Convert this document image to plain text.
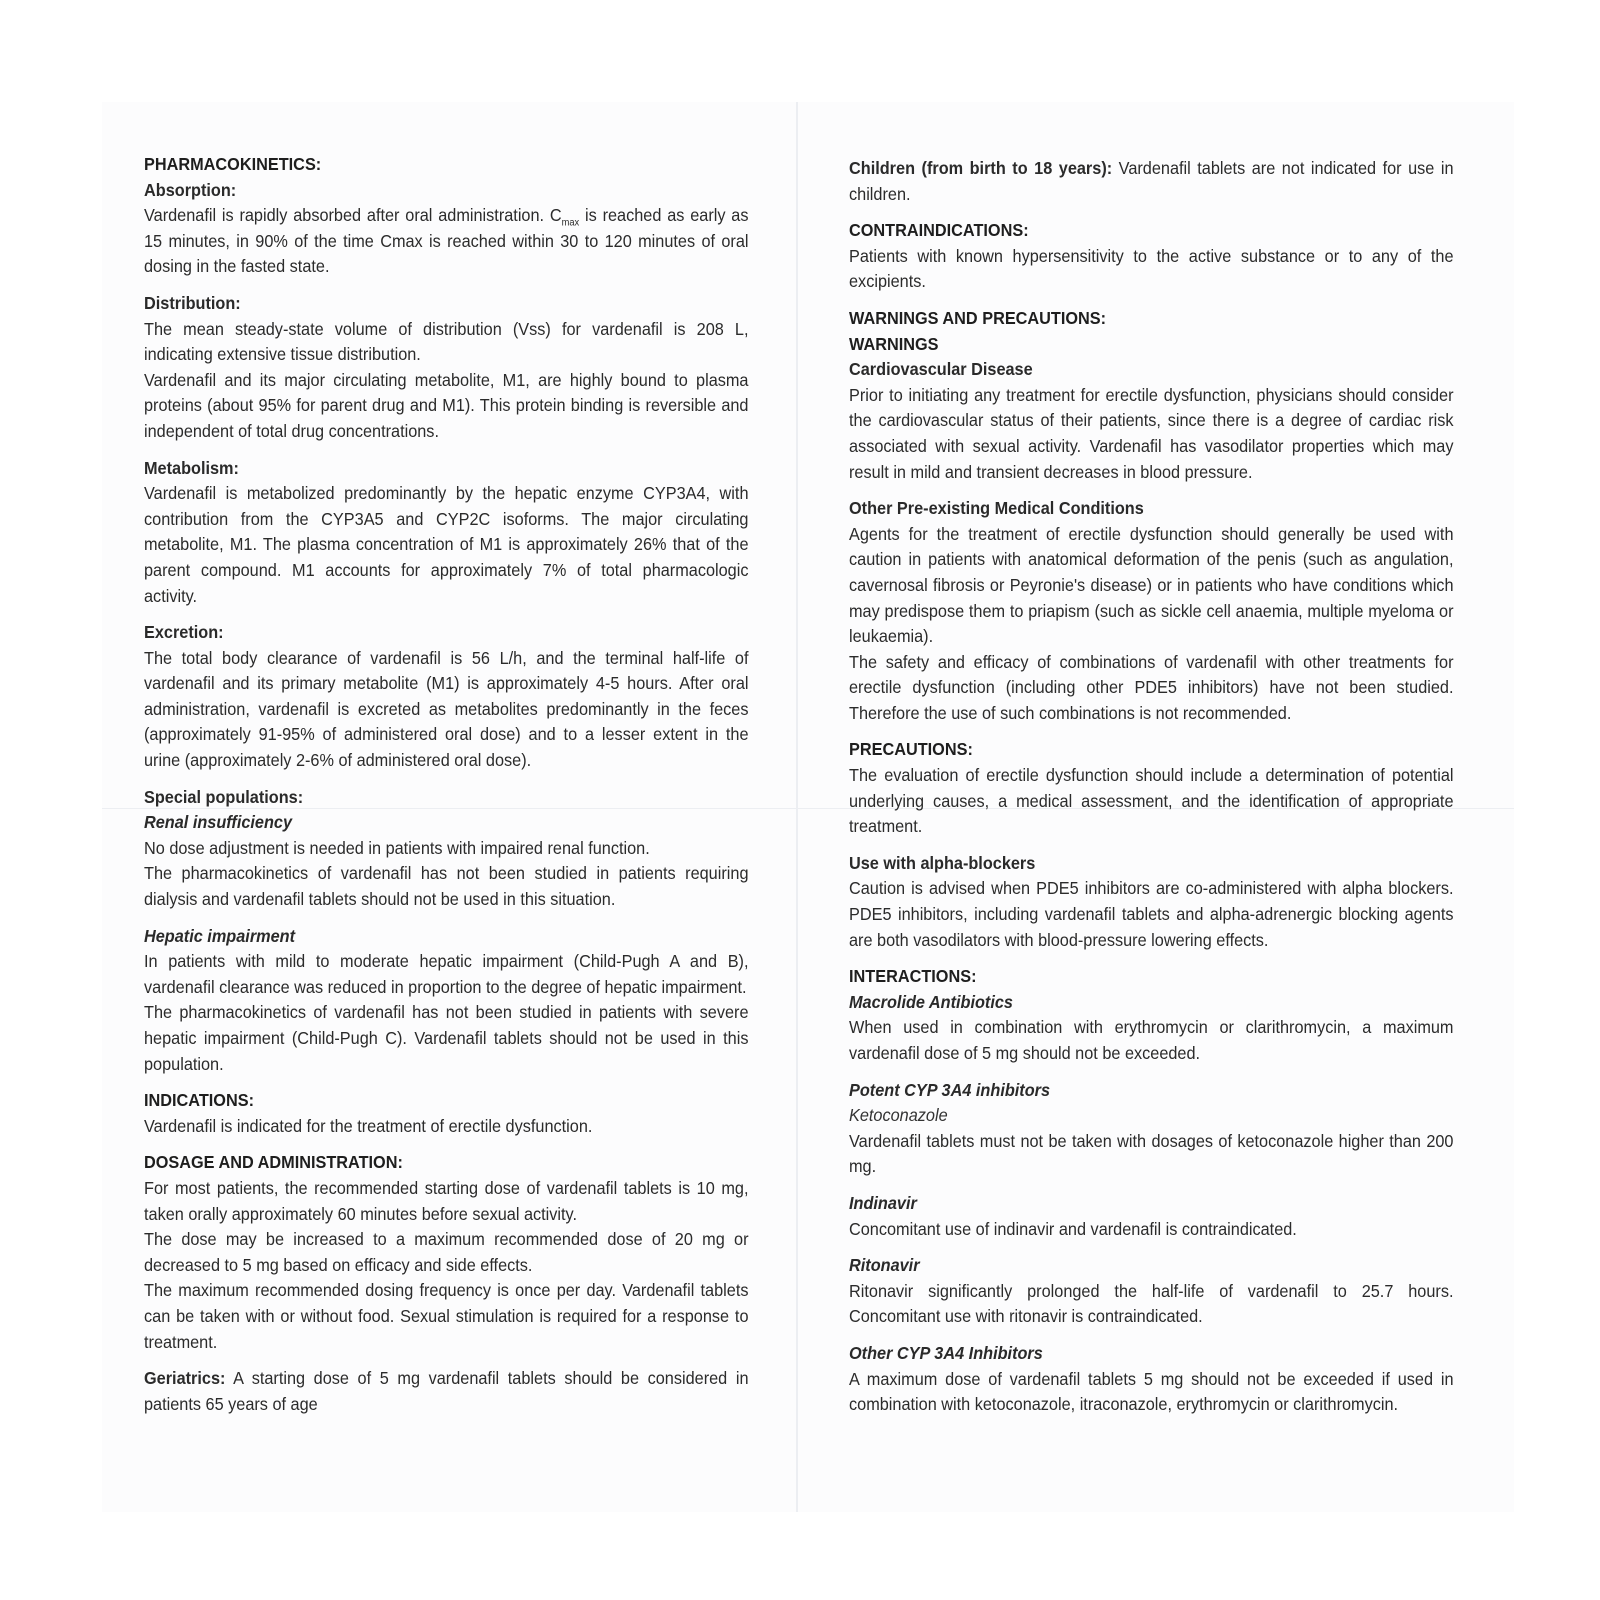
PHARMACOKINETICS:

Absorption:

Vardenafil is rapidly absorbed after oral administration. $C_{max}$ is reached as early as 15 minutes, in 90% of the time Cmax is reached within 30 to 120 minutes of oral dosing in the fasted state.

Distribution:

The mean steady-state volume of distribution (Vss) for vardenafil is 208 L, indicating extensive tissue distribution.

Vardenafil and its major circulating metabolite, M1, are highly bound to plasma proteins (about 95% for parent drug and M1). This protein binding is reversible and independent of total drug concentrations.

Metabolism:

Vardenafil is metabolized predominantly by the hepatic enzyme CYP3A4, with contribution from the CYP3A5 and CYP2C isoforms. The major circulating metabolite, M1. The plasma concentration of M1 is approximately 26% that of the parent compound. M1 accounts for approximately 7% of total pharmacologic activity.

Excretion:

The total body clearance of vardenafil is 56 L/h, and the terminal half-life of vardenafil and its primary metabolite (M1) is approximately 4-5 hours. After oral administration, vardenafil is excreted as metabolites predominantly in the feces (approximately 91-95% of administered oral dose) and to a lesser extent in the urine (approximately 2-6% of administered oral dose).

Special populations:

Renal insufficiency

No dose adjustment is needed in patients with impaired renal function.

The pharmacokinetics of vardenafil has not been studied in patients requiring dialysis and vardenafil tablets should not be used in this situation.

Hepatic impairment

In patients with mild to moderate hepatic impairment (Child-Pugh A and B), vardenafil clearance was reduced in proportion to the degree of hepatic impairment.

The pharmacokinetics of vardenafil has not been studied in patients with severe hepatic impairment (Child-Pugh C). Vardenafil tablets should not be used in this population.

INDICATIONS:

Vardenafil is indicated for the treatment of erectile dysfunction.

DOSAGE AND ADMINISTRATION:

For most patients, the recommended starting dose of vardenafil tablets is 10 mg, taken orally approximately 60 minutes before sexual activity.

The dose may be increased to a maximum recommended dose of 20 mg or decreased to 5 mg based on efficacy and side effects.

The maximum recommended dosing frequency is once per day. Vardenafil tablets can be taken with or without food. Sexual stimulation is required for a response to treatment.

Geriatrics: A starting dose of 5 mg vardenafil tablets should be considered in patients 65 years of age

Children (from birth to 18 years): Vardenafil tablets are not indicated for use in children.

CONTRAINDICATIONS:

Patients with known hypersensitivity to the active substance or to any of the excipients.

WARNINGS AND PRECAUTIONS:

WARNINGS

Cardiovascular Disease

Prior to initiating any treatment for erectile dysfunction, physicians should consider the cardiovascular status of their patients, since there is a degree of cardiac risk associated with sexual activity. Vardenafil has vasodilator properties which may result in mild and transient decreases in blood pressure.

Other Pre-existing Medical Conditions

Agents for the treatment of erectile dysfunction should generally be used with caution in patients with anatomical deformation of the penis (such as angulation, cavernosal fibrosis or Peyronie's disease) or in patients who have conditions which may predispose them to priapism (such as sickle cell anaemia, multiple myeloma or leukaemia).

The safety and efficacy of combinations of vardenafil with other treatments for erectile dysfunction (including other PDE5 inhibitors) have not been studied. Therefore the use of such combinations is not recommended.

PRECAUTIONS:

The evaluation of erectile dysfunction should include a determination of potential underlying causes, a medical assessment, and the identification of appropriate treatment.

Use with alpha-blockers

Caution is advised when PDE5 inhibitors are co-administered with alpha blockers. PDE5 inhibitors, including vardenafil tablets and alpha-adrenergic blocking agents are both vasodilators with blood-pressure lowering effects.

INTERACTIONS:

Macrolide Antibiotics

When used in combination with erythromycin or clarithromycin, a maximum vardenafil dose of 5 mg should not be exceeded.

Potent CYP 3A4 inhibitors

Ketoconazole

Vardenafil tablets must not be taken with dosages of ketoconazole higher than 200 mg.

Indinavir

Concomitant use of indinavir and vardenafil is contraindicated.

Ritonavir

Ritonavir significantly prolonged the half-life of vardenafil to 25.7 hours. Concomitant use with ritonavir is contraindicated.

Other CYP 3A4 Inhibitors

A maximum dose of vardenafil tablets 5 mg should not be exceeded if used in combination with ketoconazole, itraconazole, erythromycin or clarithromycin.
